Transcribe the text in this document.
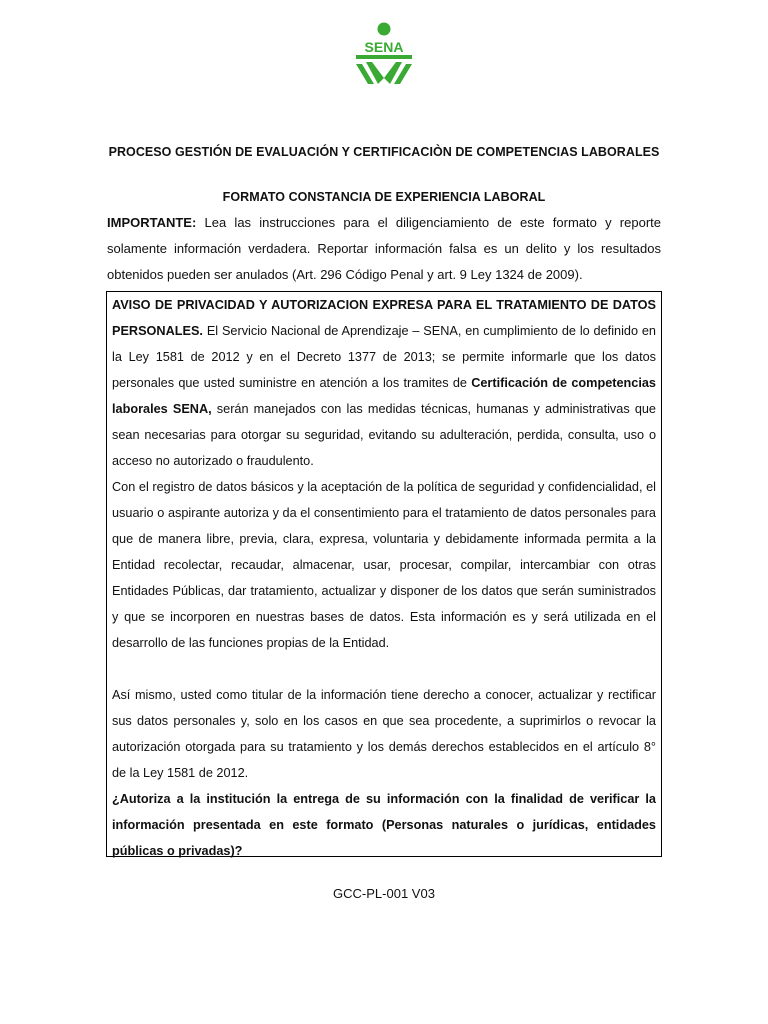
SENA
PROCESO GESTIÓN DE EVALUACIÓN Y CERTIFICACIÒN DE COMPETENCIAS LABORALES
FORMATO CONSTANCIA DE EXPERIENCIA LABORAL
IMPORTANTE: Lea las instrucciones para el diligenciamiento de este formato y reporte solamente información verdadera. Reportar información falsa es un delito y los resultados obtenidos pueden ser anulados (Art. 296 Código Penal y art. 9 Ley 1324 de 2009).

AVISO DE PRIVACIDAD Y AUTORIZACION EXPRESA PARA EL TRATAMIENTO DE DATOS PERSONALES. El Servicio Nacional de Aprendizaje – SENA, en cumplimiento de lo definido en la Ley 1581 de 2012 y en el Decreto 1377 de 2013; se permite informarle que los datos personales que usted suministre en atención a los tramites de Certificación de competencias laborales SENA, serán manejados con las medidas técnicas, humanas y administrativas que sean necesarias para otorgar su seguridad, evitando su adulteración, perdida, consulta, uso o acceso no autorizado o fraudulento.

Con el registro de datos básicos y la aceptación de la política de seguridad y confidencialidad, el usuario o aspirante autoriza y da el consentimiento para el tratamiento de datos personales para que de manera libre, previa, clara, expresa, voluntaria y debidamente informada permita a la Entidad recolectar, recaudar, almacenar, usar, procesar, compilar, intercambiar con otras Entidades Públicas, dar tratamiento, actualizar y disponer de los datos que serán suministrados y que se incorporen en nuestras bases de datos. Esta información es y será utilizada en el desarrollo de las funciones propias de la Entidad.

Así mismo, usted como titular de la información tiene derecho a conocer, actualizar y rectificar sus datos personales y, solo en los casos en que sea procedente, a suprimirlos o revocar la autorización otorgada para su tratamiento y los demás derechos establecidos en el artículo 8° de la Ley 1581 de 2012.

¿Autoriza a la institución la entrega de su información con la finalidad de verificar la información presentada en este formato (Personas naturales o jurídicas, entidades públicas o privadas)?

GCC-PL-001 V03
